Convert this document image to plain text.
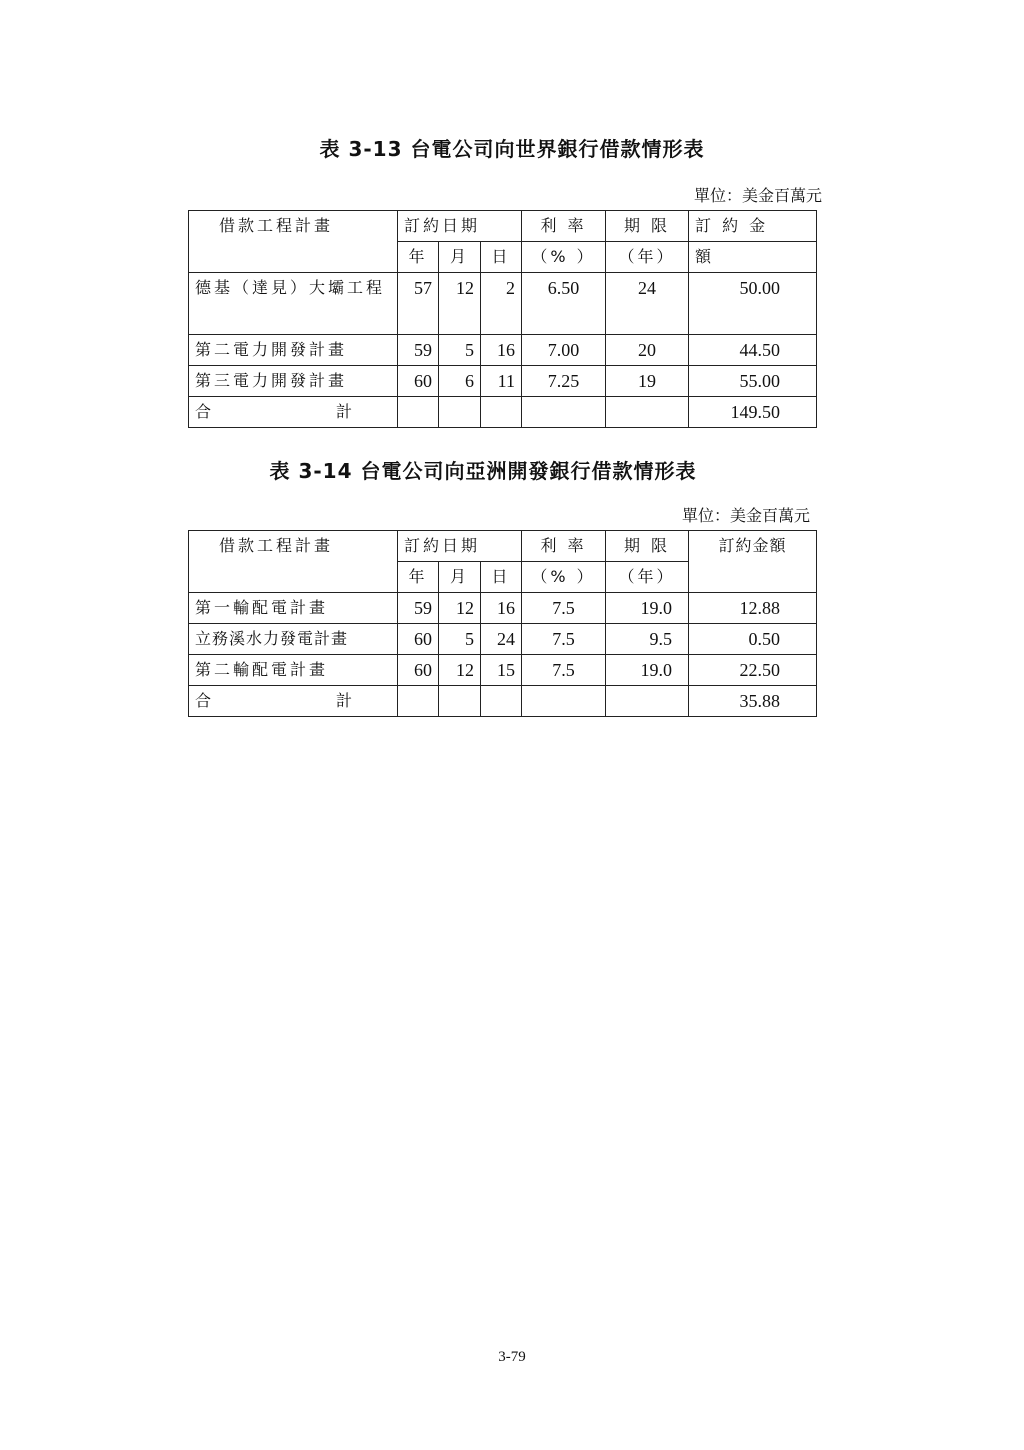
表 3-13 台電公司向世界銀行借款情形表
單位：美金百萬元
借款工程計畫	訂約日期			利 率	期 限	訂 約 金
	年	月	日	（% ）	（年）	額
德基（達見）大壩工程	57	12	2	6.50	24	50.00
第二電力開發計畫	59	5	16	7.00	20	44.50
第三電力開發計畫	60	6	11	7.25	19	55.00

合 計						149.50
表 3-14 台電公司向亞洲開發銀行借款情形表
單位：美金百萬元
借款工程計畫	訂約日期			利 率	期 限	訂約金額
	年	月	日	（% ）	（年）	
第一輸配電計畫	59	12	16	7.5	19.0	12.88
立務溪水力發電計畫	60	5	24	7.5	9.5	0.50
第二輸配電計畫	60	12	15	7.5	19.0	22.50

合 計						35.88
3-79
